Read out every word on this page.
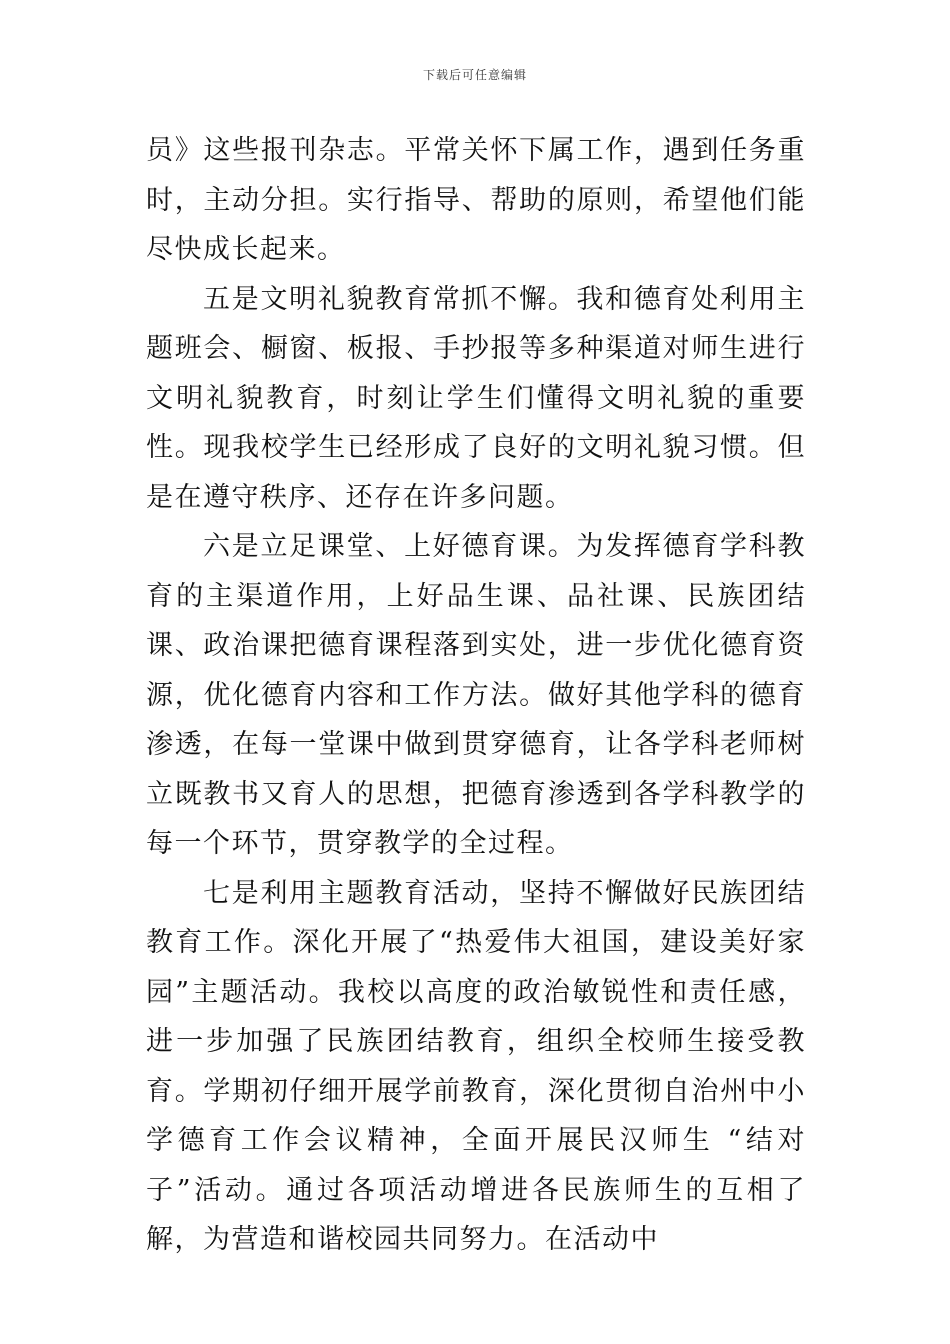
下载后可任意编辑

员》这些报刊杂志。平常关怀下属工作，遇到任务重时，主动分担。实行指导、帮助的原则，希望他们能尽快成长起来。

五是文明礼貌教育常抓不懈。我和德育处利用主题班会、橱窗、板报、手抄报等多种渠道对师生进行文明礼貌教育，时刻让学生们懂得文明礼貌的重要性。现我校学生已经形成了良好的文明礼貌习惯。但是在遵守秩序、还存在许多问题。

六是立足课堂、上好德育课。为发挥德育学科教育的主渠道作用，上好品生课、品社课、民族团结课、政治课把德育课程落到实处，进一步优化德育资源，优化德育内容和工作方法。做好其他学科的德育渗透，在每一堂课中做到贯穿德育，让各学科老师树立既教书又育人的思想，把德育渗透到各学科教学的每一个环节，贯穿教学的全过程。

七是利用主题教育活动，坚持不懈做好民族团结教育工作。深化开展了“热爱伟大祖国，建设美好家园”主题活动。我校以高度的政治敏锐性和责任感，进一步加强了民族团结教育，组织全校师生接受教育。学期初仔细开展学前教育，深化贯彻自治州中小学德育工作会议精神，全面开展民汉师生 “结对子”活动。通过各项活动增进各民族师生的互相了解，为营造和谐校园共同努力。在活动中
